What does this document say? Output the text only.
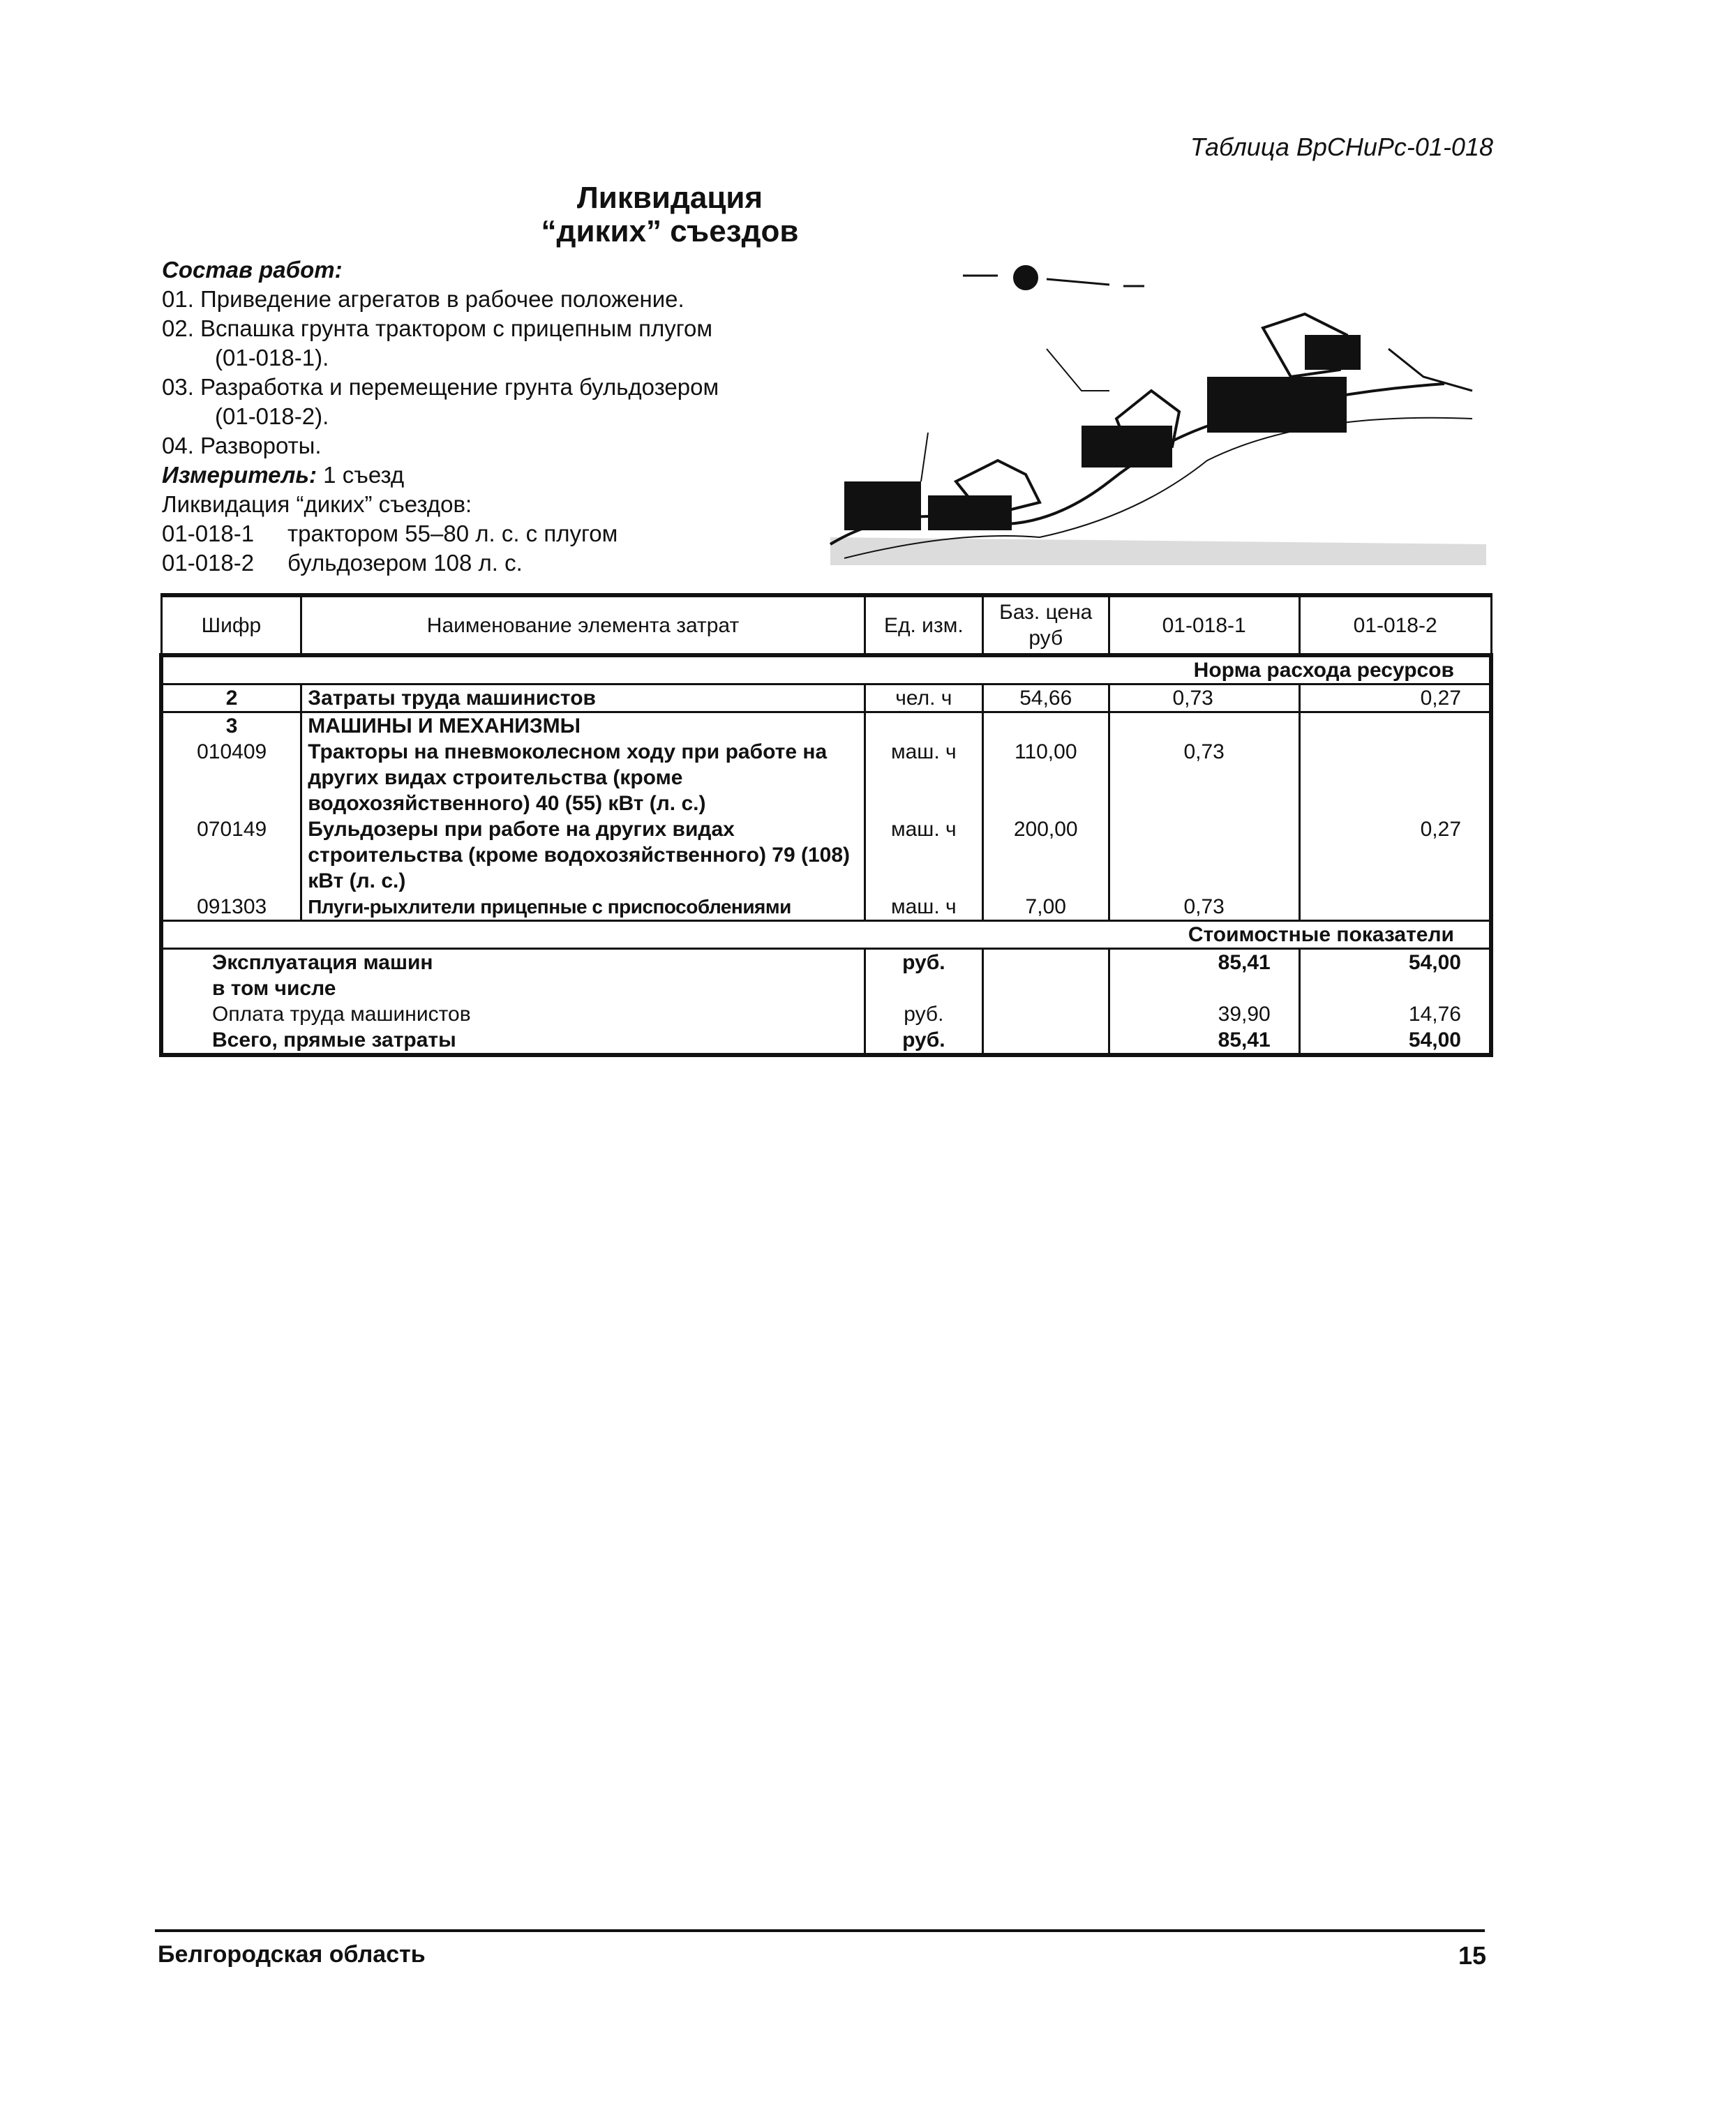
Таблица ВрСНиРс-01-018
Ликвидация
“диких” съездов
Состав работ:
01. Приведение агрегатов в рабочее положение.
02. Вспашка грунта трактором с прицепным плугом
(01-018-1).
03. Разработка и перемещение грунта бульдозером
(01-018-2).
04. Развороты.
Измеритель: 1 съезд
Ликвидация “диких” съездов:
01-018-1 трактором 55–80 л. с. с плугом
01-018-2 бульдозером 108 л. с.
Шифр	Наименование элемента затрат	Ед. изм.	Баз. цена руб	01-018-1	01-018-2
Норма расхода ресурсов					
2	Затраты труда машинистов	чел. ч	54,66	0,73	0,27
3	МАШИНЫ И МЕХАНИЗМЫ				
010409	Тракторы на пневмоколесном ходу при работе на других видах строительства (кроме водохозяйственного) 40 (55) кВт (л. с.)	маш. ч	110,00	0,73	
070149	Бульдозеры при работе на других видах строительства (кроме водохозяйственного) 79 (108) кВт (л. с.)	маш. ч	200,00		0,27
091303	Плуги-рыхлители прицепные с приспособлениями	маш. ч	7,00	0,73	
Стоимостные показатели					
Эксплуатация машин		руб.		85,41	54,00
в том числе					
Оплата труда машинистов		руб.		39,90	14,76
Всего, прямые затраты		руб.		85,41	54,00
Белгородская область	15
